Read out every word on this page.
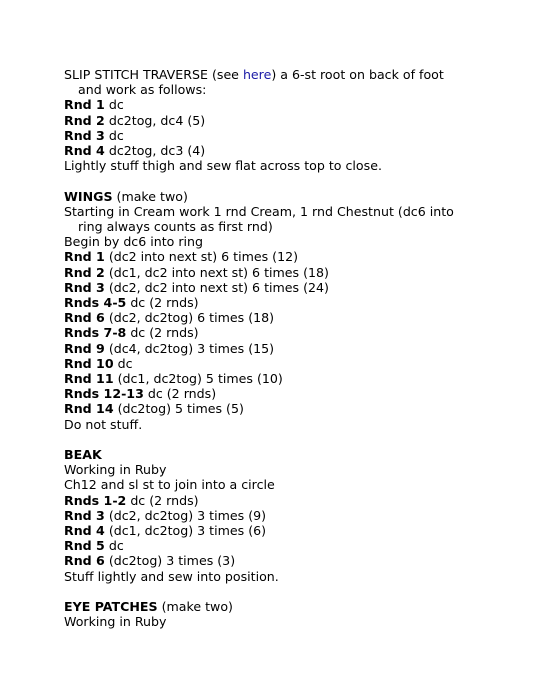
SLIP STITCH TRAVERSE (see here) a 6-st root on back of foot
and work as follows:
Rnd 1 dc
Rnd 2 dc2tog, dc4 (5)
Rnd 3 dc
Rnd 4 dc2tog, dc3 (4)
Lightly stuff thigh and sew flat across top to close.
WINGS (make two)
Starting in Cream work 1 rnd Cream, 1 rnd Chestnut (dc6 into
ring always counts as first rnd)
Begin by dc6 into ring
Rnd 1 (dc2 into next st) 6 times (12)
Rnd 2 (dc1, dc2 into next st) 6 times (18)
Rnd 3 (dc2, dc2 into next st) 6 times (24)
Rnds 4-5 dc (2 rnds)
Rnd 6 (dc2, dc2tog) 6 times (18)
Rnds 7-8 dc (2 rnds)
Rnd 9 (dc4, dc2tog) 3 times (15)
Rnd 10 dc
Rnd 11 (dc1, dc2tog) 5 times (10)
Rnds 12-13 dc (2 rnds)
Rnd 14 (dc2tog) 5 times (5)
Do not stuff.
BEAK
Working in Ruby
Ch12 and sl st to join into a circle
Rnds 1-2 dc (2 rnds)
Rnd 3 (dc2, dc2tog) 3 times (9)
Rnd 4 (dc1, dc2tog) 3 times (6)
Rnd 5 dc
Rnd 6 (dc2tog) 3 times (3)
Stuff lightly and sew into position.
EYE PATCHES (make two)
Working in Ruby
